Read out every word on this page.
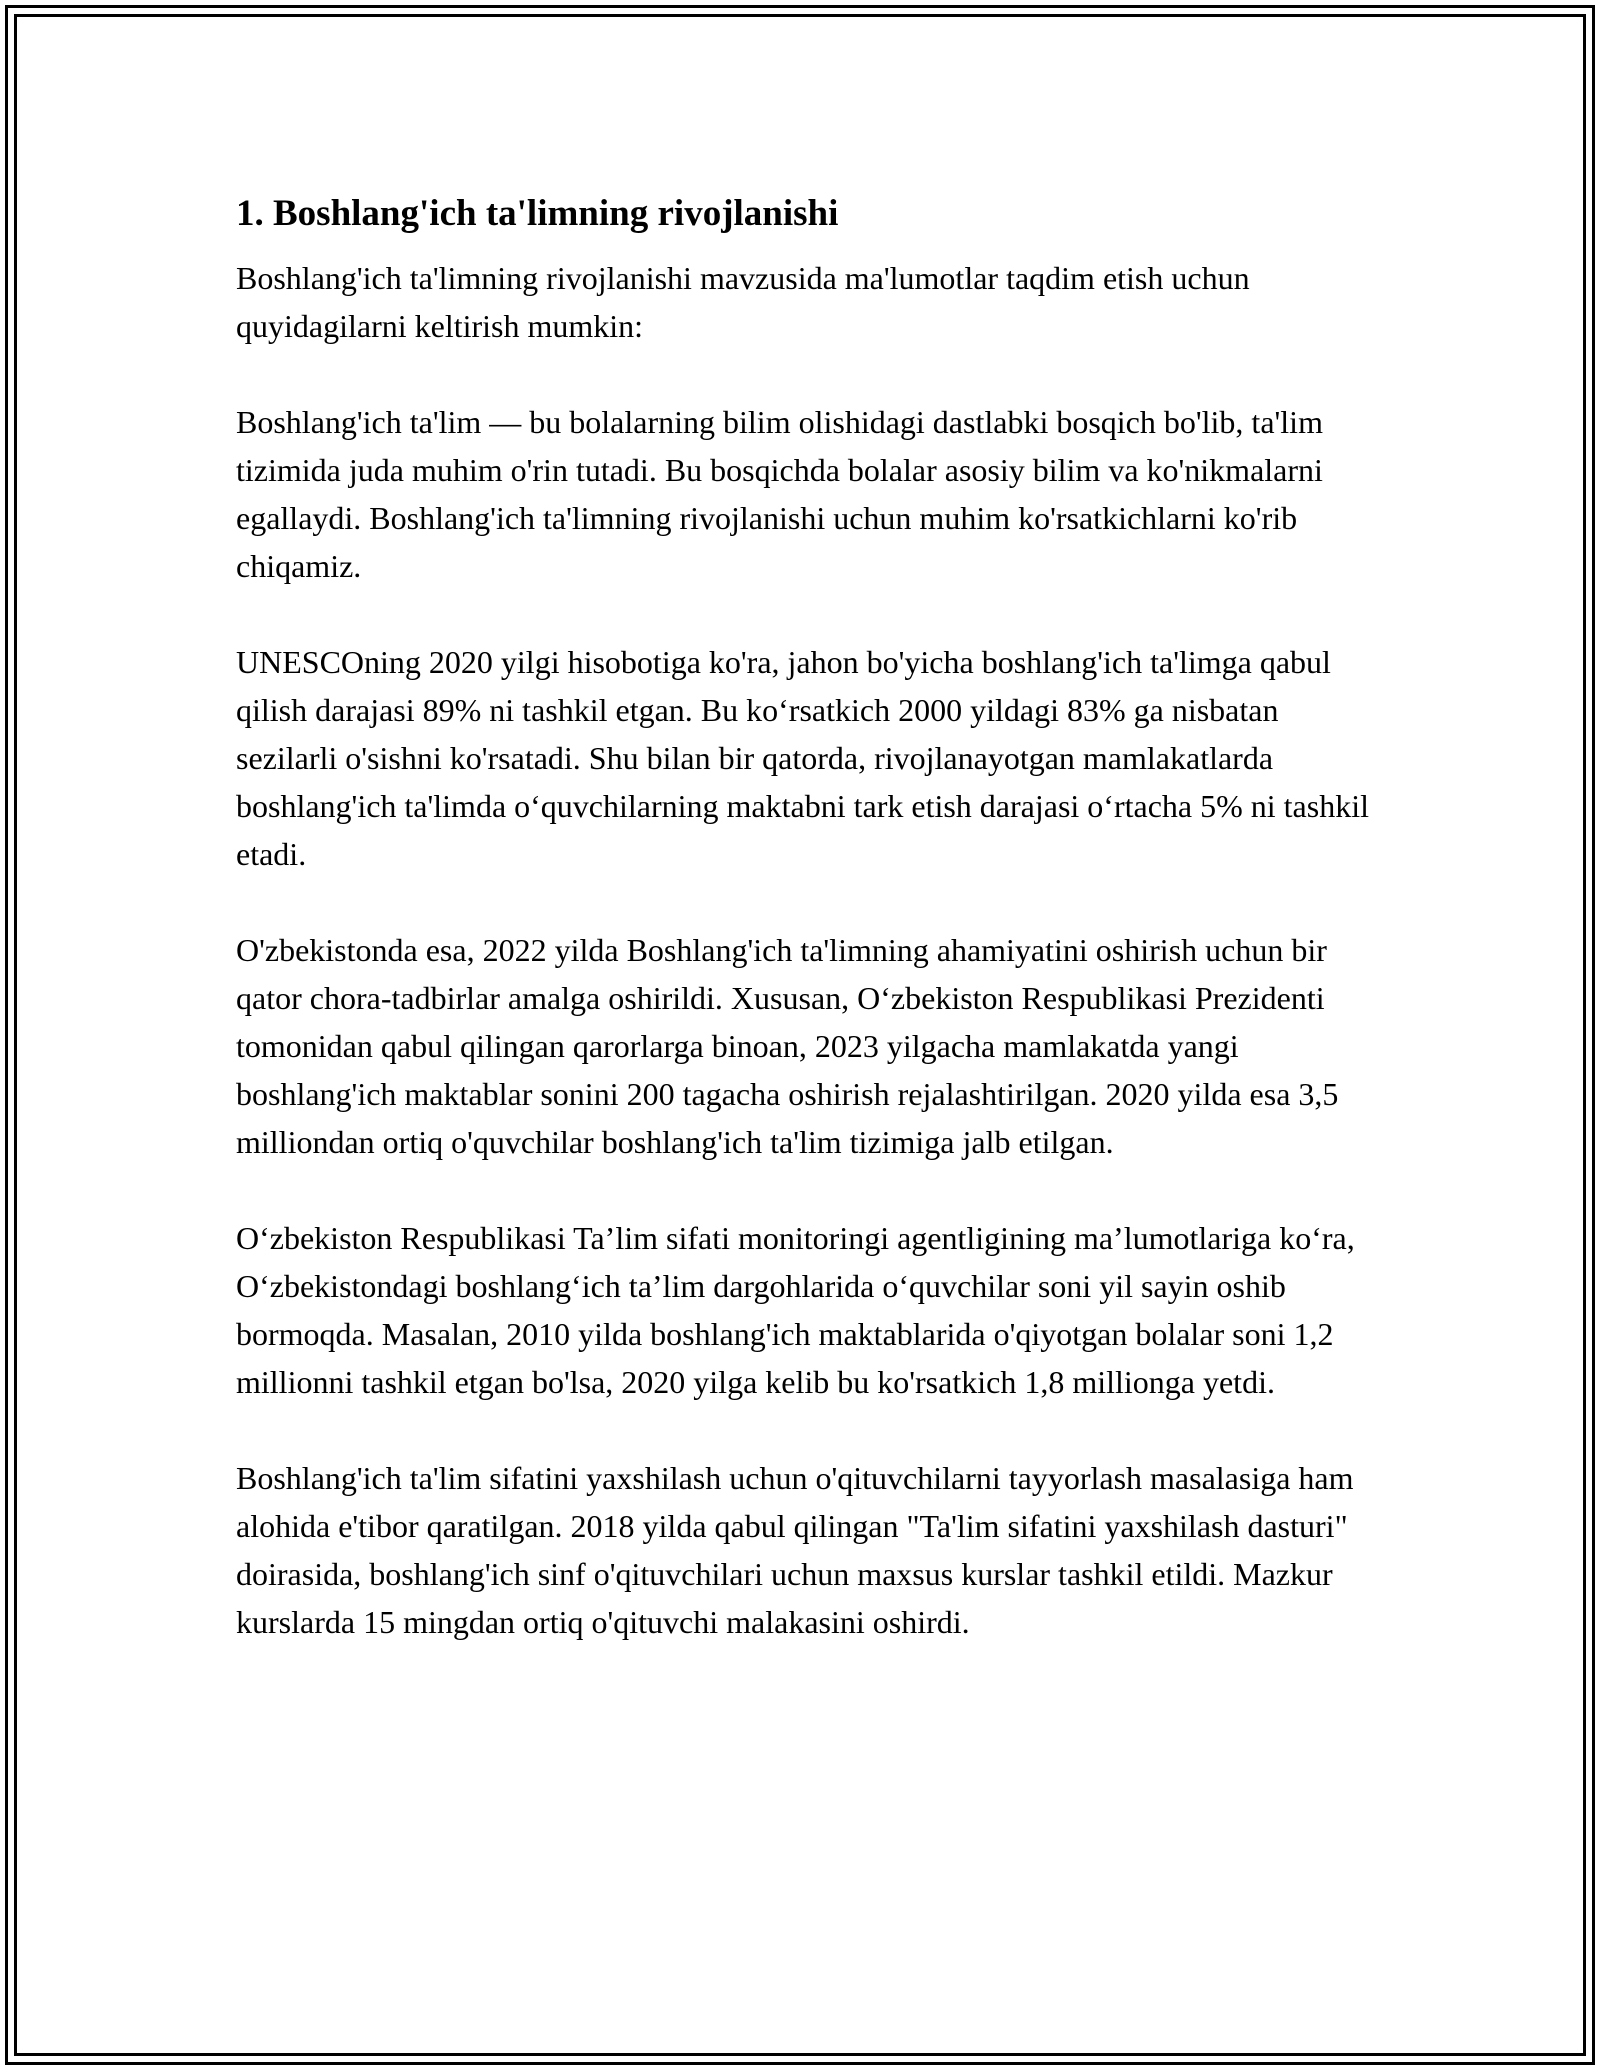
1. Boshlang'ich ta'limning rivojlanishi

Boshlang'ich ta'limning rivojlanishi mavzusida ma'lumotlar taqdim etish uchun quyidagilarni keltirish mumkin:

Boshlang'ich ta'lim — bu bolalarning bilim olishidagi dastlabki bosqich bo'lib, ta'lim tizimida juda muhim o'rin tutadi. Bu bosqichda bolalar asosiy bilim va ko'nikmalarni egallaydi. Boshlang'ich ta'limning rivojlanishi uchun muhim ko'rsatkichlarni ko'rib chiqamiz.

UNESCOning 2020 yilgi hisobotiga ko'ra, jahon bo'yicha boshlang'ich ta'limga qabul qilish darajasi 89% ni tashkil etgan. Bu ko‘rsatkich 2000 yildagi 83% ga nisbatan sezilarli o'sishni ko'rsatadi. Shu bilan bir qatorda, rivojlanayotgan mamlakatlarda boshlang'ich ta'limda o‘quvchilarning maktabni tark etish darajasi o‘rtacha 5% ni tashkil etadi.

O'zbekistonda esa, 2022 yilda Boshlang'ich ta'limning ahamiyatini oshirish uchun bir qator chora-tadbirlar amalga oshirildi. Xususan, O‘zbekiston Respublikasi Prezidenti tomonidan qabul qilingan qarorlarga binoan, 2023 yilgacha mamlakatda yangi boshlang'ich maktablar sonini 200 tagacha oshirish rejalashtirilgan. 2020 yilda esa 3,5 milliondan ortiq o'quvchilar boshlang'ich ta'lim tizimiga jalb etilgan.

O‘zbekiston Respublikasi Ta’lim sifati monitoringi agentligining ma’lumotlariga ko‘ra, O‘zbekistondagi boshlang‘ich ta’lim dargohlarida o‘quvchilar soni yil sayin oshib bormoqda. Masalan, 2010 yilda boshlang'ich maktablarida o'qiyotgan bolalar soni 1,2 millionni tashkil etgan bo'lsa, 2020 yilga kelib bu ko'rsatkich 1,8 millionga yetdi.

Boshlang'ich ta'lim sifatini yaxshilash uchun o'qituvchilarni tayyorlash masalasiga ham alohida e'tibor qaratilgan. 2018 yilda qabul qilingan "Ta'lim sifatini yaxshilash dasturi" doirasida, boshlang'ich sinf o'qituvchilari uchun maxsus kurslar tashkil etildi. Mazkur kurslarda 15 mingdan ortiq o'qituvchi malakasini oshirdi.
